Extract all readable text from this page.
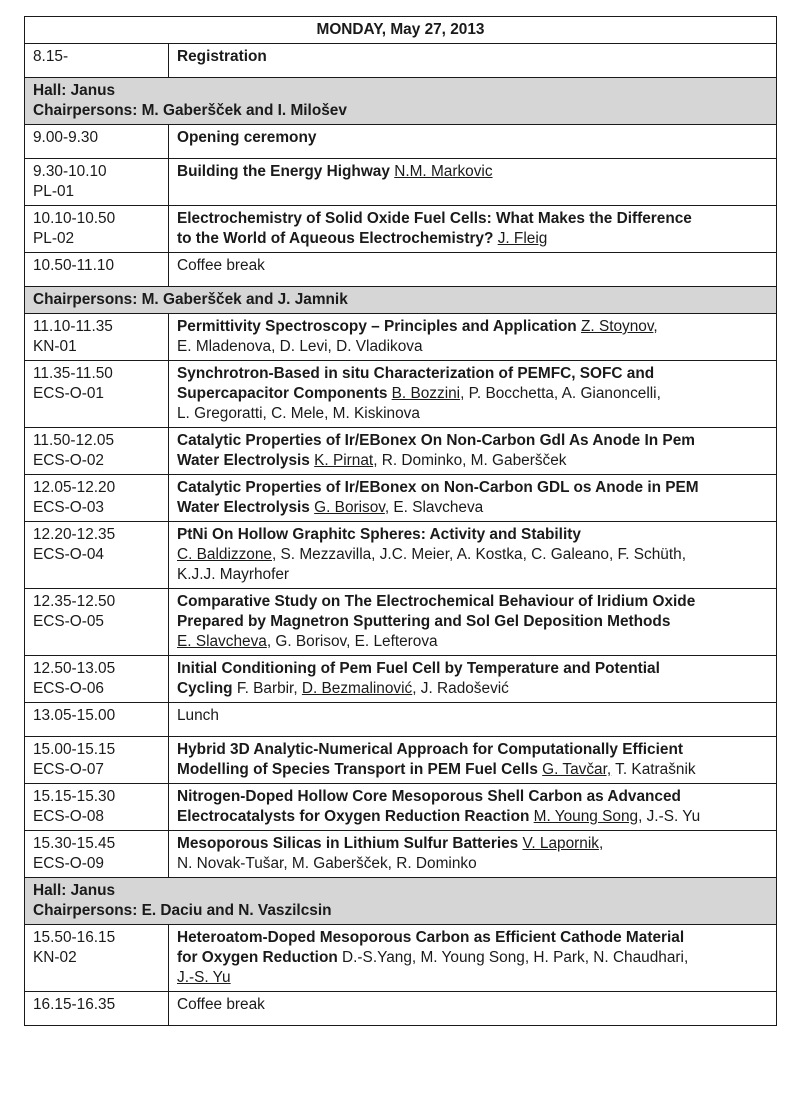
MONDAY, May 27, 2013	
8.15-	Registration

Hall: Janus
Chairpersons: M. Gaberšček and I. Milošev	

9.00-9.30	Opening ceremony

9.30-10.10
PL-01	Building the Energy Highway N.M. Markovic

10.10-10.50
PL-02	Electrochemistry of Solid Oxide Fuel Cells: What Makes the Difference
to the World of Aqueous Electrochemistry? J. Fleig
10.50-11.10	Coffee break

Chairpersons: M. Gaberšček and J. Jamnik	

11.10-11.35
KN-01	Permittivity Spectroscopy – Principles and Application Z. Stoynov,
E. Mladenova, D. Levi, D. Vladikova

11.35-11.50
ECS-O-01	Synchrotron-Based in situ Characterization of PEMFC, SOFC and
Supercapacitor Components B. Bozzini, P. Bocchetta, A. Gianoncelli,
L. Gregoratti, C. Mele, M. Kiskinova

11.50-12.05
ECS-O-02	Catalytic Properties of Ir/EBonex On Non-Carbon Gdl As Anode In Pem
Water Electrolysis K. Pirnat, R. Dominko, M. Gaberšček

12.05-12.20
ECS-O-03	Catalytic Properties of Ir/EBonex on Non-Carbon GDL os Anode in PEM
Water Electrolysis G. Borisov, E. Slavcheva

12.20-12.35
ECS-O-04	PtNi On Hollow Graphitc Spheres: Activity and Stability
C. Baldizzone, S. Mezzavilla, J.C. Meier, A. Kostka, C. Galeano, F. Schüth,
K.J.J. Mayrhofer

12.35-12.50
ECS-O-05	Comparative Study on The Electrochemical Behaviour of Iridium Oxide
Prepared by Magnetron Sputtering and Sol Gel Deposition Methods
E. Slavcheva, G. Borisov, E. Lefterova

12.50-13.05
ECS-O-06	Initial Conditioning of Pem Fuel Cell by Temperature and Potential
Cycling F. Barbir, D. Bezmalinović, J. Radošević
13.05-15.00	Lunch

15.00-15.15
ECS-O-07	Hybrid 3D Analytic-Numerical Approach for Computationally Efficient
Modelling of Species Transport in PEM Fuel Cells G. Tavčar, T. Katrašnik

15.15-15.30
ECS-O-08	Nitrogen-Doped Hollow Core Mesoporous Shell Carbon as Advanced
Electrocatalysts for Oxygen Reduction Reaction M. Young Song, J.-S. Yu

15.30-15.45
ECS-O-09	Mesoporous Silicas in Lithium Sulfur Batteries V. Lapornik,
N. Novak-Tušar, M. Gaberšček, R. Dominko

Hall: Janus
Chairpersons: E. Daciu and N. Vaszilcsin	

15.50-16.15
KN-02	Heteroatom-Doped Mesoporous Carbon as Efficient Cathode Material
for Oxygen Reduction D.-S.Yang, M. Young Song, H. Park, N. Chaudhari,
J.-S. Yu

16.15-16.35	Coffee break
